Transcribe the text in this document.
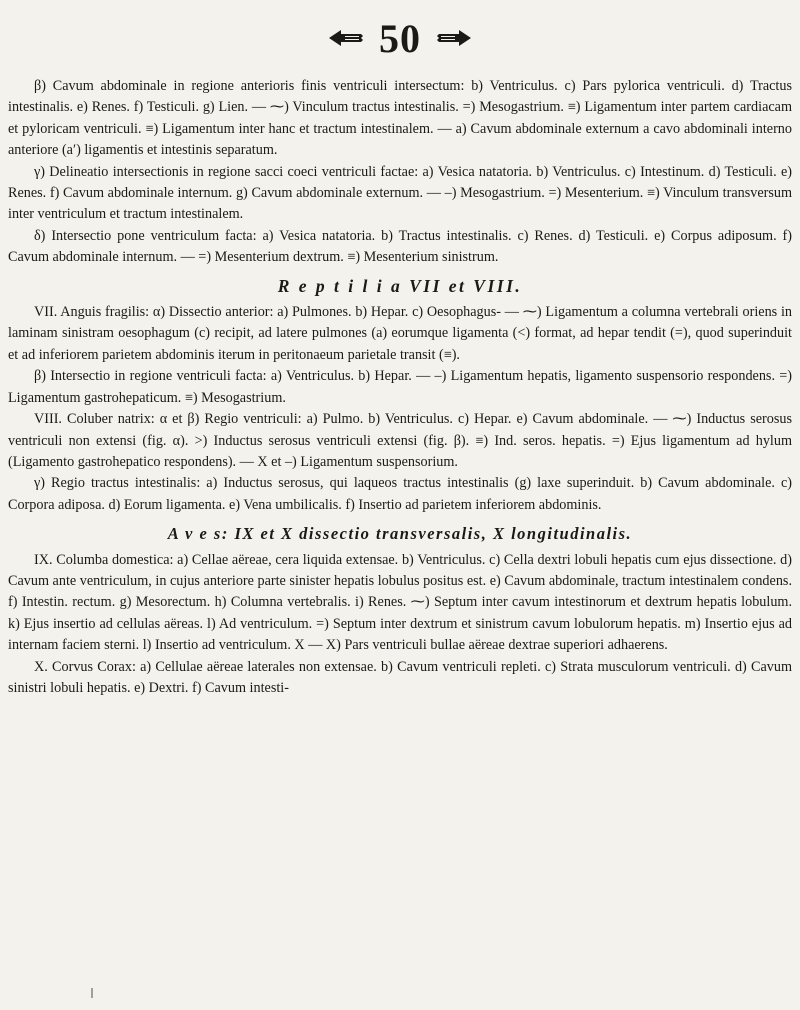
50

β) Cavum abdominale in regione anterioris finis ventriculi intersectum: b) Ventriculus. c) Pars pylorica ventriculi. d) Tractus intestinalis. e) Renes. f) Testiculi. g) Lien. — ⁓) Vinculum tractus intestinalis. =) Mesogastrium. ≡) Ligamentum inter partem cardiacam et pyloricam ventriculi. ≡) Ligamentum inter hanc et tractum intestinalem. — a) Cavum abdominale externum a cavo abdominali interno anteriore (a′) ligamentis et intestinis separatum.

γ) Delineatio intersectionis in regione sacci coeci ventriculi factae: a) Vesica natatoria. b) Ventriculus. c) Intestinum. d) Testiculi. e) Renes. f) Cavum abdominale internum. g) Cavum abdominale externum. — ‒) Mesogastrium. =) Mesenterium. ≡) Vinculum transversum inter ventriculum et tractum intestinalem.

δ) Intersectio pone ventriculum facta: a) Vesica natatoria. b) Tractus intestinalis. c) Renes. d) Testiculi. e) Corpus adiposum. f) Cavum abdominale internum. — =) Mesenterium dextrum. ≡) Mesenterium sinistrum.

R e p t i l i a VII et VIII.

VII. Anguis fragilis: α) Dissectio anterior: a) Pulmones. b) Hepar. c) Oesophagus- — ⁓) Ligamentum a columna vertebrali oriens in laminam sinistram oesophagum (c) recipit, ad latere pulmones (a) eorumque ligamenta (<) format, ad hepar tendit (=), quod superinduit et ad inferiorem parietem abdominis iterum in peritonaeum parietale transit (≡).

β) Intersectio in regione ventriculi facta: a) Ventriculus. b) Hepar. — ‒) Ligamentum hepatis, ligamento suspensorio respondens. =) Ligamentum gastrohepaticum. ≡) Mesogastrium.

VIII. Coluber natrix: α et β) Regio ventriculi: a) Pulmo. b) Ventriculus. c) Hepar. e) Cavum abdominale. — ⁓) Inductus serosus ventriculi non extensi (fig. α). ˃) Inductus serosus ventriculi extensi (fig. β). ≡) Ind. seros. hepatis. =) Ejus ligamentum ad hylum (Ligamento gastrohepatico respondens). — X et ‒) Ligamentum suspensorium.

γ) Regio tractus intestinalis: a) Inductus serosus, qui laqueos tractus intestinalis (g) laxe superinduit. b) Cavum abdominale. c) Corpora adiposa. d) Eorum ligamenta. e) Vena umbilicalis. f) Insertio ad parietem inferiorem abdominis.

A v e s: IX et X dissectio transversalis, X longitudinalis.

IX. Columba domestica: a) Cellae aëreae, cera liquida extensae. b) Ventriculus. c) Cella dextri lobuli hepatis cum ejus dissectione. d) Cavum ante ventriculum, in cujus anteriore parte sinister hepatis lobulus positus est. e) Cavum abdominale, tractum intestinalem condens. f) Intestin. rectum. g) Mesorectum. h) Columna vertebralis. i) Renes. ⁓) Septum inter cavum intestinorum et dextrum hepatis lobulum. k) Ejus insertio ad cellulas aëreas. l) Ad ventriculum. =) Septum inter dextrum et sinistrum cavum lobulorum hepatis. m) Insertio ejus ad internam faciem sterni. l) Insertio ad ventriculum. X — X) Pars ventriculi bullae aëreae dextrae superiori adhaerens.

X. Corvus Corax: a) Cellulae aëreae laterales non extensae. b) Cavum ventriculi repleti. c) Strata musculorum ventriculi. d) Cavum sinistri lobuli hepatis. e) Dextri. f) Cavum intesti-
